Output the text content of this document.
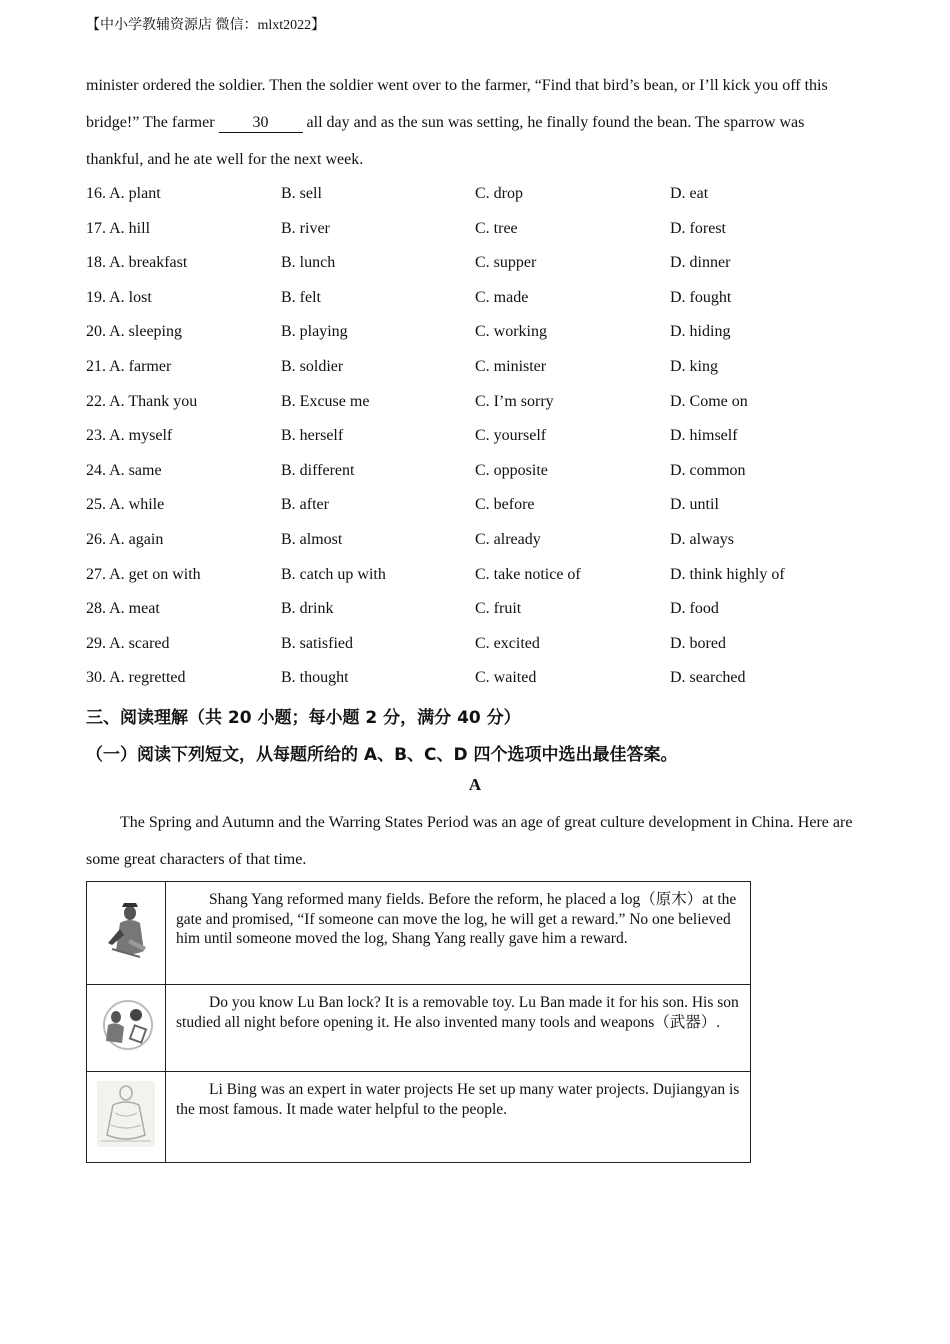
【中小学教辅资源店 微信：mlxt2022】
minister ordered the soldier. Then the soldier went over to the farmer, “Find that bird’s bean, or I’ll kick you off this
bridge!” The farmer 30 all day and as the sun was setting, he finally found the bean. The sparrow was
thankful, and he ate well for the next week.
16. A. plant	B. sell	C. drop	D. eat
17. A. hill	B. river	C. tree	D. forest
18. A. breakfast	B. lunch	C. supper	D. dinner
19. A. lost	B. felt	C. made	D. fought
20. A. sleeping	B. playing	C. working	D. hiding
21. A. farmer	B. soldier	C. minister	D. king
22. A. Thank you	B. Excuse me	C. I’m sorry	D. Come on
23. A. myself	B. herself	C. yourself	D. himself
24. A. same	B. different	C. opposite	D. common
25. A. while	B. after	C. before	D. until
26. A. again	B. almost	C. already	D. always
27. A. get on with	B. catch up with	C. take notice of	D. think highly of
28. A. meat	B. drink	C. fruit	D. food
29. A. scared	B. satisfied	C. excited	D. bored
30. A. regretted	B. thought	C. waited	D. searched
三、阅读理解（共 20 小题；每小题 2 分，满分 40 分）
（一）阅读下列短文，从每题所给的 A、B、C、D 四个选项中选出最佳答案。
A
The Spring and Autumn and the Warring States Period was an age of great culture development in China. Here are some great characters of that time.

Shang Yang reformed many fields. Before the reform, he placed a log（原木）at the gate and promised, “If someone can move the log, he will get a reward.” No one believed him until someone moved the log, Shang Yang really gave him a reward.

Do you know Lu Ban lock? It is a removable toy. Lu Ban made it for his son. His son studied all night before opening it. He also invented many tools and weapons（武器）.

Li Bing was an expert in water projects He set up many water projects. Dujiangyan is the most famous. It made water helpful to the people.
